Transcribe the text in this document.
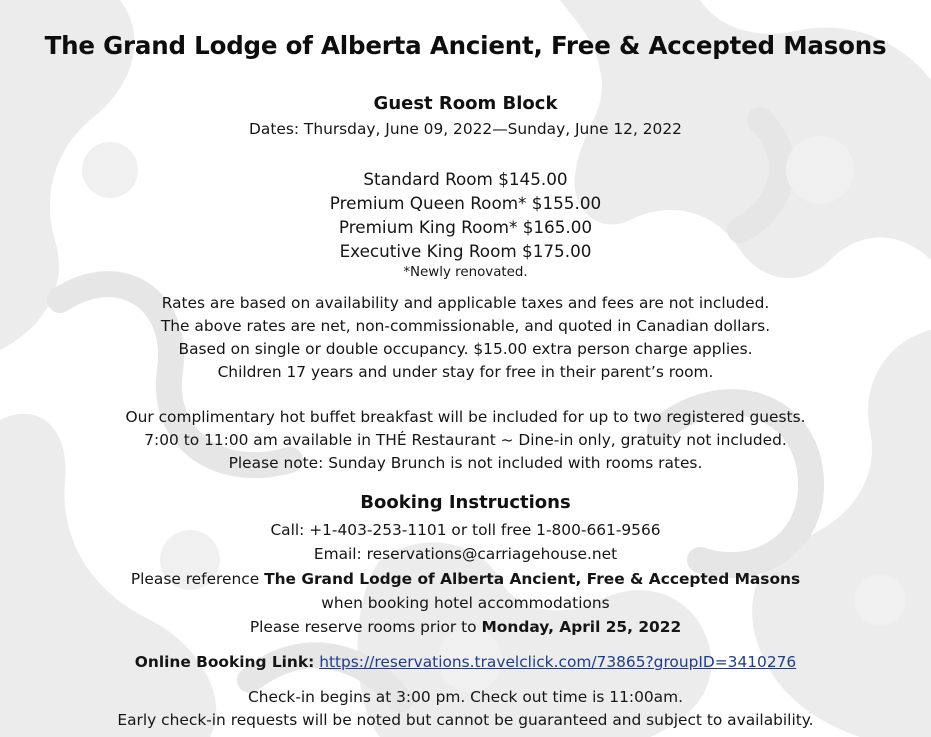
The Grand Lodge of Alberta Ancient, Free & Accepted Masons
Guest Room Block
Dates: Thursday, June 09, 2022—Sunday, June 12, 2022
Standard Room $145.00
Premium Queen Room* $155.00
Premium King Room* $165.00
Executive King Room $175.00
*Newly renovated.
Rates are based on availability and applicable taxes and fees are not included.
The above rates are net, non-commissionable, and quoted in Canadian dollars.
Based on single or double occupancy. $15.00 extra person charge applies.
Children 17 years and under stay for free in their parent’s room.
Our complimentary hot buffet breakfast will be included for up to two registered guests.
7:00 to 11:00 am available in THÉ Restaurant ~ Dine-in only, gratuity not included.
Please note: Sunday Brunch is not included with rooms rates.
Booking Instructions
Call: +1-403-253-1101 or toll free 1-800-661-9566
Email: reservations@carriagehouse.net
Please reference The Grand Lodge of Alberta Ancient, Free & Accepted Masons
when booking hotel accommodations
Please reserve rooms prior to Monday, April 25, 2022
Online Booking Link: https://reservations.travelclick.com/73865?groupID=3410276
Check-in begins at 3:00 pm. Check out time is 11:00am.
Early check-in requests will be noted but cannot be guaranteed and subject to availability.
